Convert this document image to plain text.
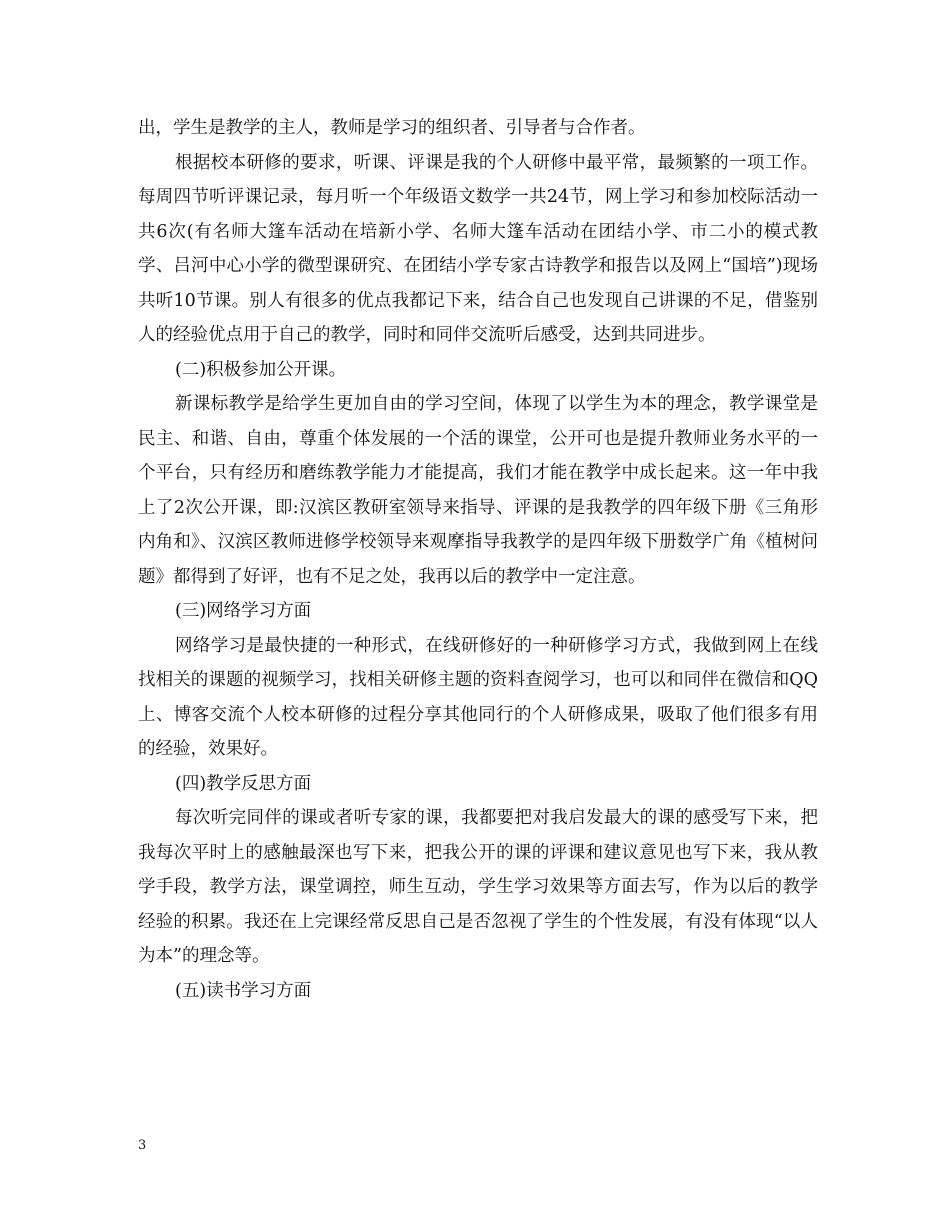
出，学生是教学的主人，教师是学习的组织者、引导者与合作者。

根据校本研修的要求，听课、评课是我的个人研修中最平常，最频繁的一项工作。每周四节听评课记录，每月听一个年级语文数学一共24节，网上学习和参加校际活动一共6次(有名师大篷车活动在培新小学、名师大篷车活动在团结小学、市二小的模式教学、吕河中心小学的微型课研究、在团结小学专家古诗教学和报告以及网上“国培”)现场共听10节课。别人有很多的优点我都记下来，结合自己也发现自己讲课的不足，借鉴别人的经验优点用于自己的教学，同时和同伴交流听后感受，达到共同进步。

(二)积极参加公开课。

新课标教学是给学生更加自由的学习空间，体现了以学生为本的理念，教学课堂是民主、和谐、自由，尊重个体发展的一个活的课堂，公开可也是提升教师业务水平的一个平台，只有经历和磨练教学能力才能提高，我们才能在教学中成长起来。这一年中我上了2次公开课，即:汉滨区教研室领导来指导、评课的是我教学的四年级下册《三角形内角和》、汉滨区教师进修学校领导来观摩指导我教学的是四年级下册数学广角《植树问题》都得到了好评，也有不足之处，我再以后的教学中一定注意。

(三)网络学习方面

网络学习是最快捷的一种形式，在线研修好的一种研修学习方式，我做到网上在线找相关的课题的视频学习，找相关研修主题的资料查阅学习，也可以和同伴在微信和QQ上、博客交流个人校本研修的过程分享其他同行的个人研修成果，吸取了他们很多有用的经验，效果好。

(四)教学反思方面

每次听完同伴的课或者听专家的课，我都要把对我启发最大的课的感受写下来，把我每次平时上的感触最深也写下来，把我公开的课的评课和建议意见也写下来，我从教学手段，教学方法，课堂调控，师生互动，学生学习效果等方面去写，作为以后的教学经验的积累。我还在上完课经常反思自己是否忽视了学生的个性发展，有没有体现“以人为本”的理念等。

(五)读书学习方面

3
